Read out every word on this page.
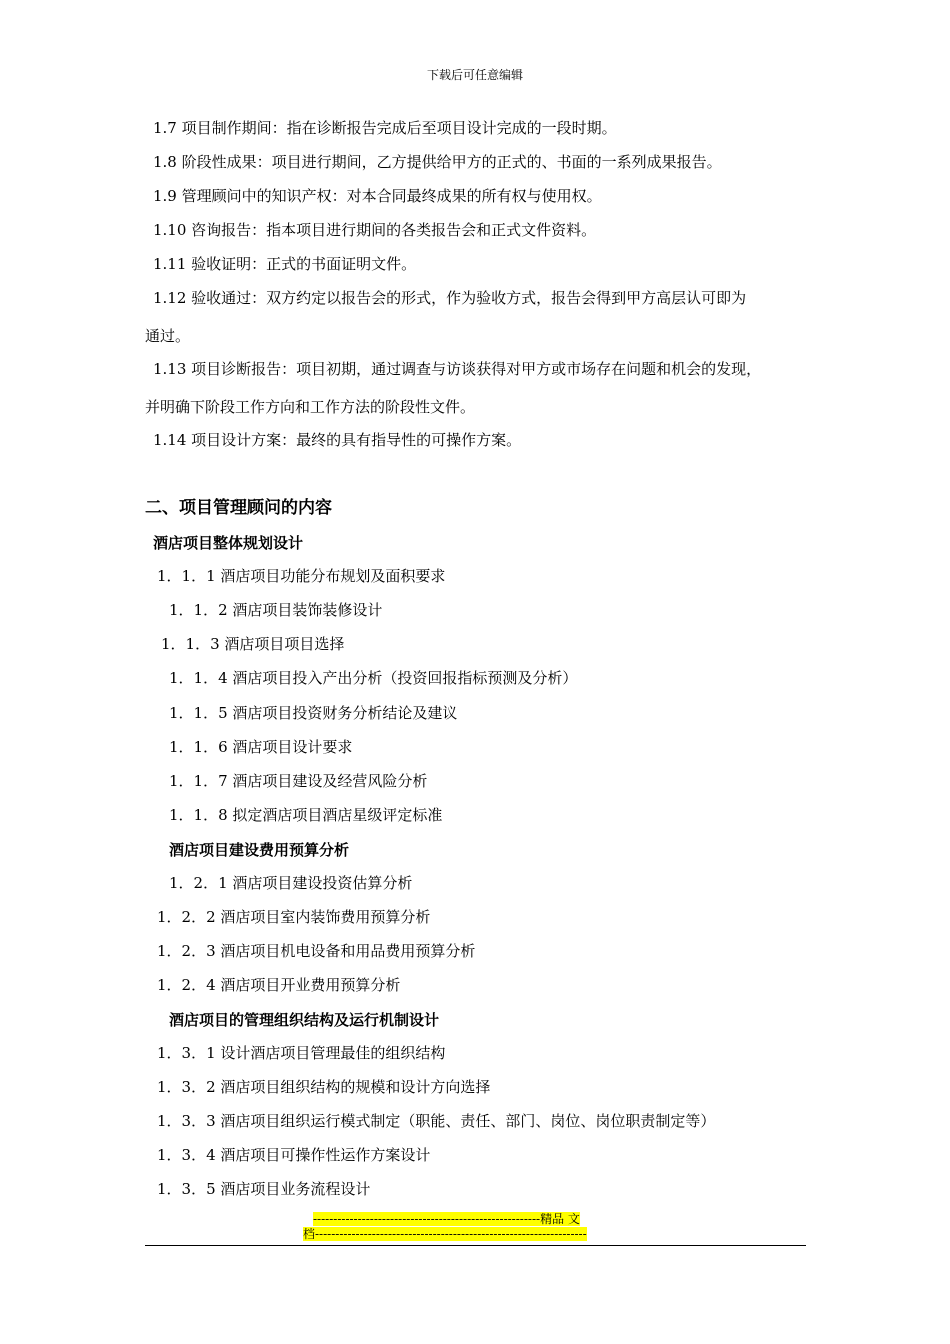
下载后可任意编辑
1.7 项目制作期间：指在诊断报告完成后至项目设计完成的一段时期。
1.8 阶段性成果：项目进行期间，乙方提供给甲方的正式的、书面的一系列成果报告。
1.9 管理顾问中的知识产权：对本合同最终成果的所有权与使用权。
1.10 咨询报告：指本项目进行期间的各类报告会和正式文件资料。
1.11 验收证明：正式的书面证明文件。
1.12 验收通过：双方约定以报告会的形式，作为验收方式，报告会得到甲方高层认可即为
通过。
1.13 项目诊断报告：项目初期，通过调查与访谈获得对甲方或市场存在问题和机会的发现，
并明确下阶段工作方向和工作方法的阶段性文件。
1.14 项目设计方案：最终的具有指导性的可操作方案。
二、项目管理顾问的内容
酒店项目整体规划设计
1．1．1 酒店项目功能分布规划及面积要求
1．1．2 酒店项目装饰装修设计
1．1．3 酒店项目项目选择
1．1．4 酒店项目投入产出分析（投资回报指标预测及分析）
1．1．5 酒店项目投资财务分析结论及建议
1．1．6 酒店项目设计要求
1．1．7 酒店项目建设及经营风险分析
1．1．8 拟定酒店项目酒店星级评定标准
酒店项目建设费用预算分析
1．2．1 酒店项目建设投资估算分析
1．2．2 酒店项目室内装饰费用预算分析
1．2．3 酒店项目机电设备和用品费用预算分析
1．2．4 酒店项目开业费用预算分析
酒店项目的管理组织结构及运行机制设计
1．3．1 设计酒店项目管理最佳的组织结构
1．3．2 酒店项目组织结构的规模和设计方向选择
1．3．3 酒店项目组织运行模式制定（职能、责任、部门、岗位、岗位职责制定等）
1．3．4 酒店项目可操作性运作方案设计
1．3．5 酒店项目业务流程设计
--------------------------------------------------------精品 文
档-------------------------------------------------------------------
